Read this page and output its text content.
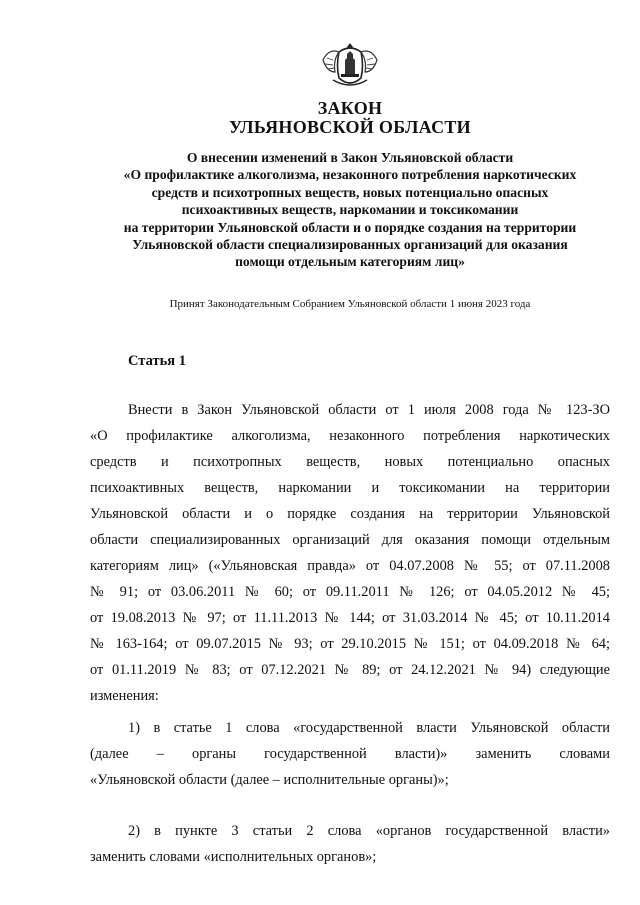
ЗАКОН
УЛЬЯНОВСКОЙ ОБЛАСТИ
О внесении изменений в Закон Ульяновской области
«О профилактике алкоголизма, незаконного потребления наркотических
средств и психотропных веществ, новых потенциально опасных
психоактивных веществ, наркомании и токсикомании
на территории Ульяновской области и о порядке создания на территории
Ульяновской области специализированных организаций для оказания
помощи отдельным категориям лиц»
Принят Законодательным Собранием Ульяновской области 1 июня 2023 года
Статья 1
Внести в Закон Ульяновской области от 1 июля 2008 года № 123-ЗО
«О профилактике алкоголизма, незаконного потребления наркотических
средств и психотропных веществ, новых потенциально опасных
психоактивных веществ, наркомании и токсикомании на территории
Ульяновской области и о порядке создания на территории Ульяновской
области специализированных организаций для оказания помощи отдельным
категориям лиц» («Ульяновская правда» от 04.07.2008 № 55; от 07.11.2008
№ 91; от 03.06.2011 № 60; от 09.11.2011 № 126; от 04.05.2012 № 45;
от 19.08.2013 № 97; от 11.11.2013 № 144; от 31.03.2014 № 45; от 10.11.2014
№ 163-164; от 09.07.2015 № 93; от 29.10.2015 № 151; от 04.09.2018 № 64;
от 01.11.2019 № 83; от 07.12.2021 № 89; от 24.12.2021 № 94) следующие
изменения:
1) в статье 1 слова «государственной власти Ульяновской области
(далее – органы государственной власти)» заменить словами
«Ульяновской области (далее – исполнительные органы)»;
2) в пункте 3 статьи 2 слова «органов государственной власти»
заменить словами «исполнительных органов»;
